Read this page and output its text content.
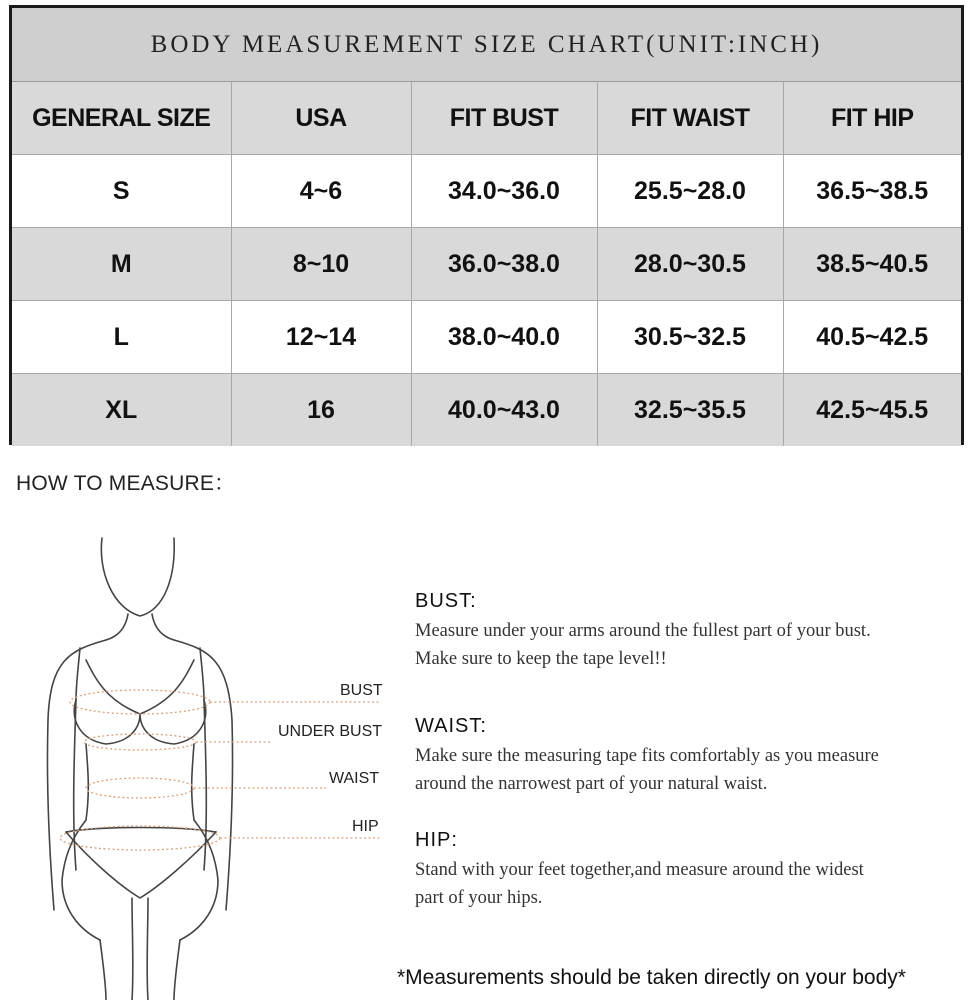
BODY MEASUREMENT SIZE CHART(UNIT:INCH)
GENERAL SIZE	USA	FIT BUST	FIT WAIST	FIT HIP
S	4~6	34.0~36.0	25.5~28.0	36.5~38.5
M	8~10	36.0~38.0	28.0~30.5	38.5~40.5
L	12~14	38.0~40.0	30.5~32.5	40.5~42.5
XL	16	40.0~43.0	32.5~35.5	42.5~45.5
HOW TO MEASURE：
BUST
UNDER BUST
WAIST
HIP
BUST:
Measure under your arms around the fullest part of your bust.
Make sure to keep the tape level!!
WAIST:
Make sure the measuring tape fits comfortably as you measure
around the narrowest part of your natural waist.
HIP:
Stand with your feet together,and measure around the widest
part of your hips.
*Measurements should be taken directly on your body*
